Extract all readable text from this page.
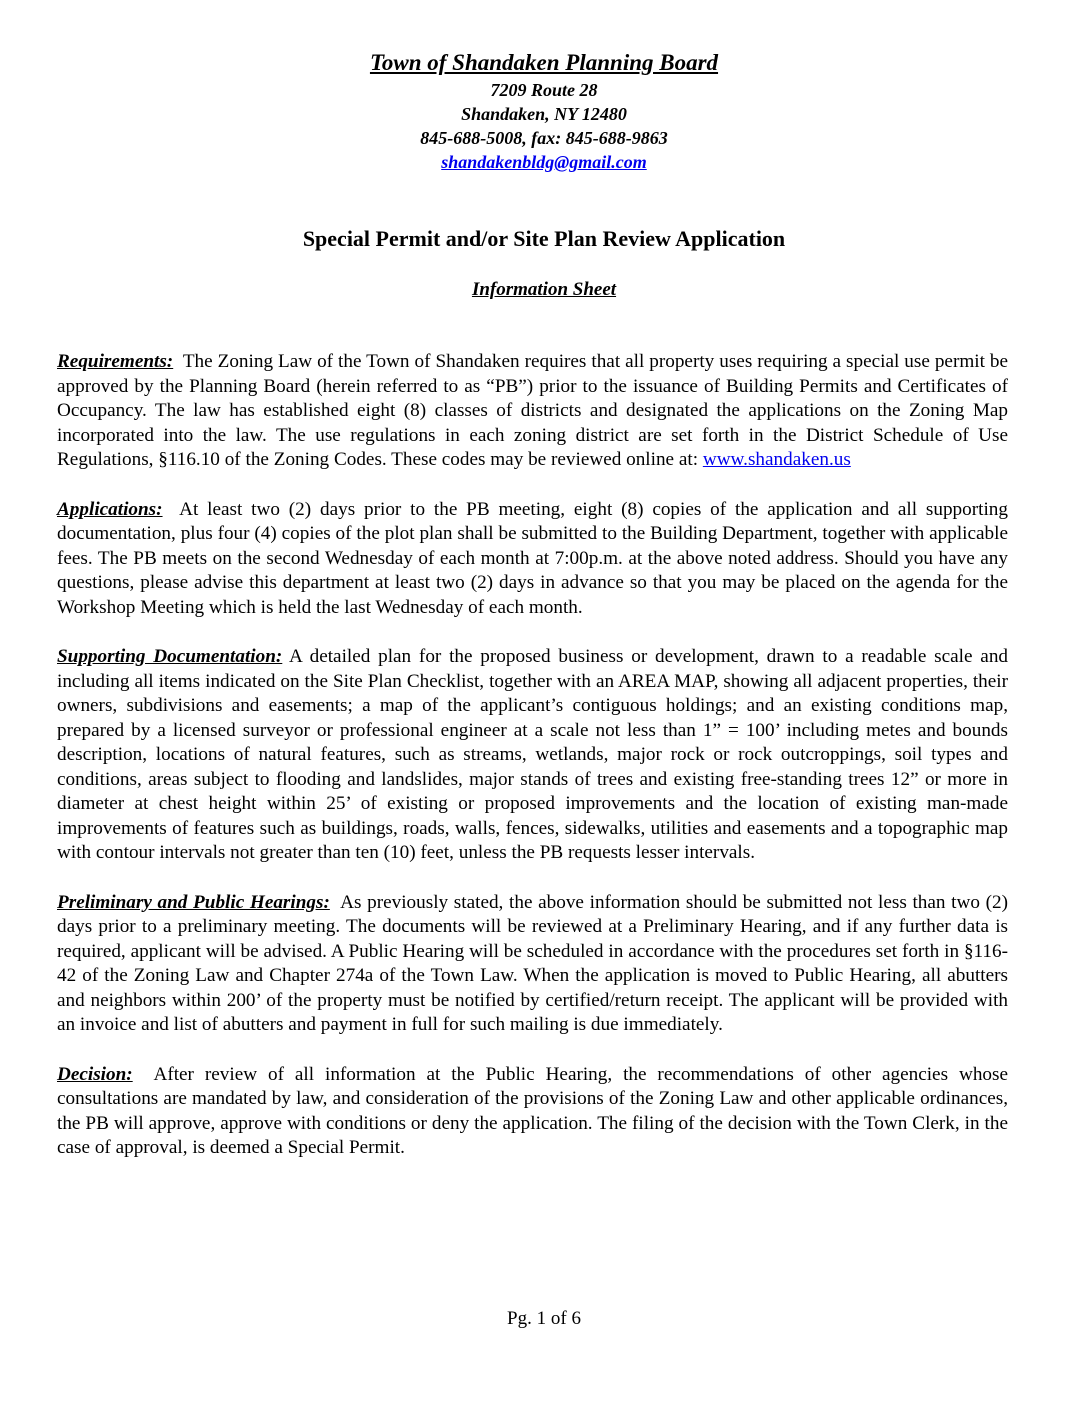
Town of Shandaken Planning Board
7209 Route 28
Shandaken, NY 12480
845-688-5008, fax: 845-688-9863
shandakenbldg@gmail.com
Special Permit and/or Site Plan Review Application
Information Sheet

Requirements: The Zoning Law of the Town of Shandaken requires that all property uses requiring a special use permit be approved by the Planning Board (herein referred to as “PB”) prior to the issuance of Building Permits and Certificates of Occupancy. The law has established eight (8) classes of districts and designated the applications on the Zoning Map incorporated into the law. The use regulations in each zoning district are set forth in the District Schedule of Use Regulations, §116.10 of the Zoning Codes. These codes may be reviewed online at: www.shandaken.us

Applications: At least two (2) days prior to the PB meeting, eight (8) copies of the application and all supporting documentation, plus four (4) copies of the plot plan shall be submitted to the Building Department, together with applicable fees. The PB meets on the second Wednesday of each month at 7:00p.m. at the above noted address. Should you have any questions, please advise this department at least two (2) days in advance so that you may be placed on the agenda for the Workshop Meeting which is held the last Wednesday of each month.

Supporting Documentation: A detailed plan for the proposed business or development, drawn to a readable scale and including all items indicated on the Site Plan Checklist, together with an AREA MAP, showing all adjacent properties, their owners, subdivisions and easements; a map of the applicant’s contiguous holdings; and an existing conditions map, prepared by a licensed surveyor or professional engineer at a scale not less than 1” = 100’ including metes and bounds description, locations of natural features, such as streams, wetlands, major rock or rock outcroppings, soil types and conditions, areas subject to flooding and landslides, major stands of trees and existing free-standing trees 12” or more in diameter at chest height within 25’ of existing or proposed improvements and the location of existing man-made improvements of features such as buildings, roads, walls, fences, sidewalks, utilities and easements and a topographic map with contour intervals not greater than ten (10) feet, unless the PB requests lesser intervals.

Preliminary and Public Hearings: As previously stated, the above information should be submitted not less than two (2) days prior to a preliminary meeting. The documents will be reviewed at a Preliminary Hearing, and if any further data is required, applicant will be advised. A Public Hearing will be scheduled in accordance with the procedures set forth in §116-42 of the Zoning Law and Chapter 274a of the Town Law. When the application is moved to Public Hearing, all abutters and neighbors within 200’ of the property must be notified by certified/return receipt. The applicant will be provided with an invoice and list of abutters and payment in full for such mailing is due immediately.

Decision: After review of all information at the Public Hearing, the recommendations of other agencies whose consultations are mandated by law, and consideration of the provisions of the Zoning Law and other applicable ordinances, the PB will approve, approve with conditions or deny the application. The filing of the decision with the Town Clerk, in the case of approval, is deemed a Special Permit.

Pg. 1 of 6
